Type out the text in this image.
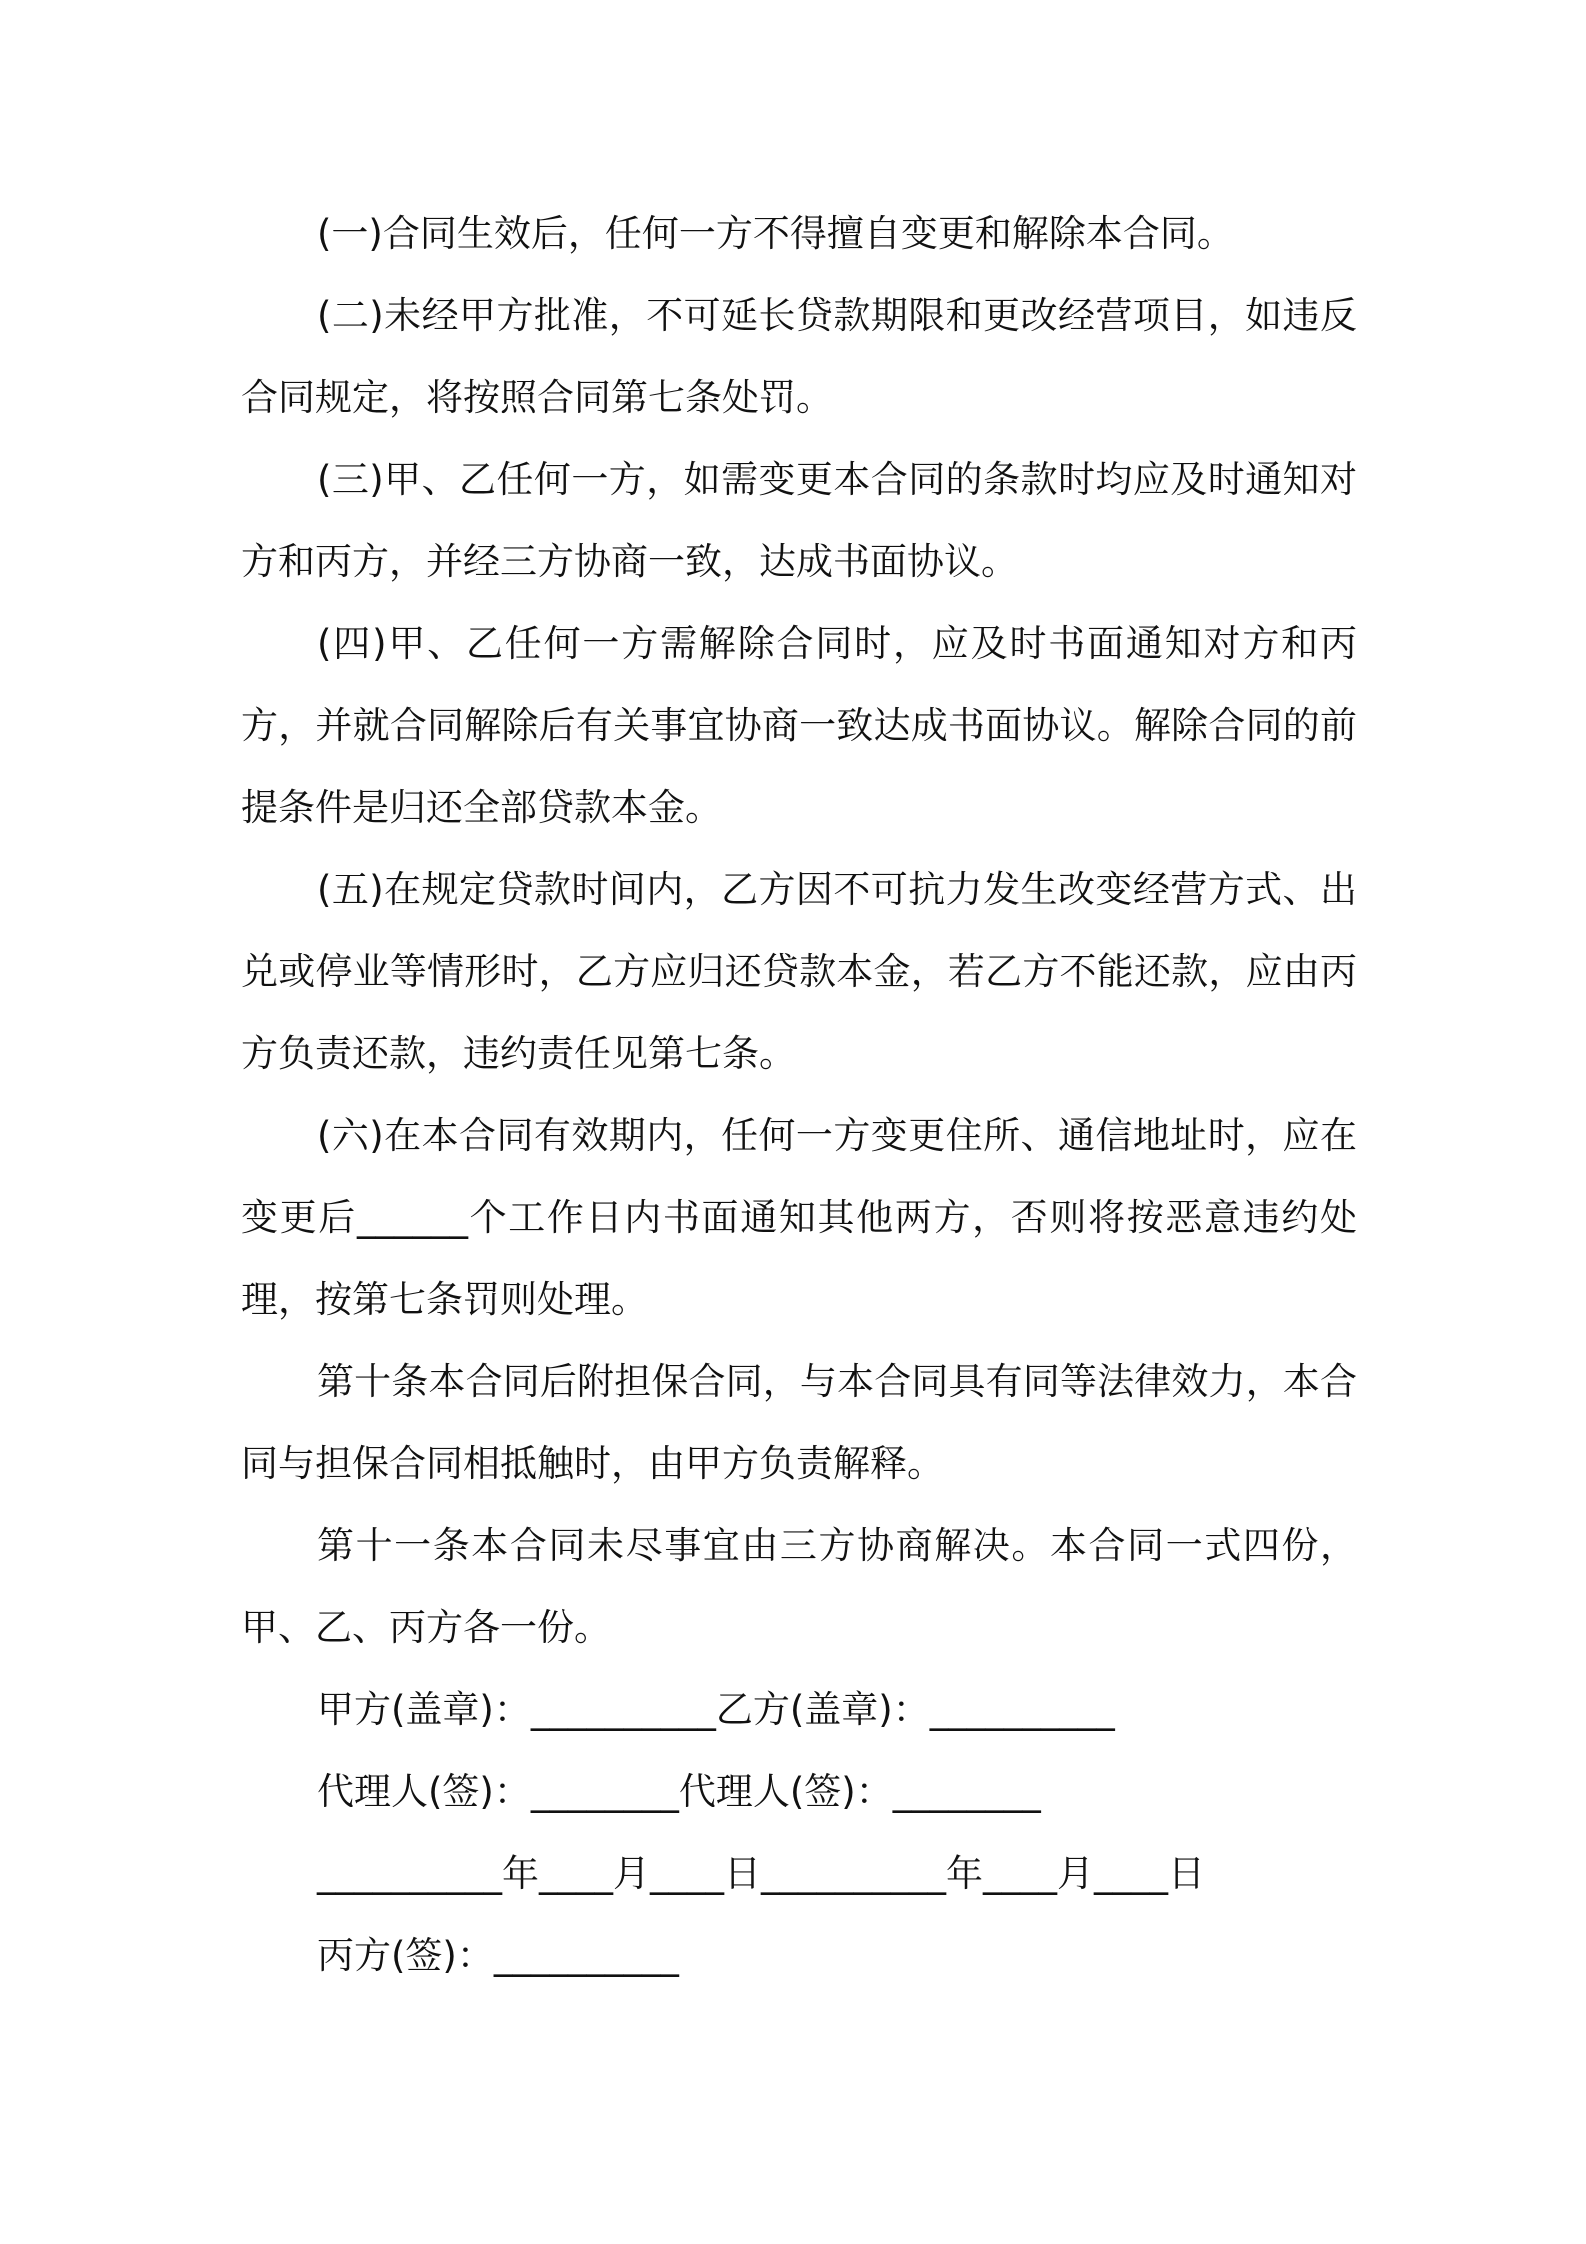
(一)合同生效后，任何一方不得擅自变更和解除本合同。

(二)未经甲方批准，不可延长贷款期限和更改经营项目，如违反合同规定，将按照合同第七条处罚。

(三)甲、乙任何一方，如需变更本合同的条款时均应及时通知对方和丙方，并经三方协商一致，达成书面协议。

(四)甲、乙任何一方需解除合同时，应及时书面通知对方和丙方，并就合同解除后有关事宜协商一致达成书面协议。解除合同的前提条件是归还全部贷款本金。

(五)在规定贷款时间内，乙方因不可抗力发生改变经营方式、出兑或停业等情形时，乙方应归还贷款本金，若乙方不能还款，应由丙方负责还款，违约责任见第七条。

(六)在本合同有效期内，任何一方变更住所、通信地址时，应在变更后______个工作日内书面通知其他两方，否则将按恶意违约处理，按第七条罚则处理。

第十条本合同后附担保合同，与本合同具有同等法律效力，本合同与担保合同相抵触时，由甲方负责解释。

第十一条本合同未尽事宜由三方协商解决。本合同一式四份，甲、乙、丙方各一份。

甲方(盖章)：__________乙方(盖章)：__________
代理人(签)：________代理人(签)：________
__________年____月____日__________年____月____日
丙方(签)：__________
